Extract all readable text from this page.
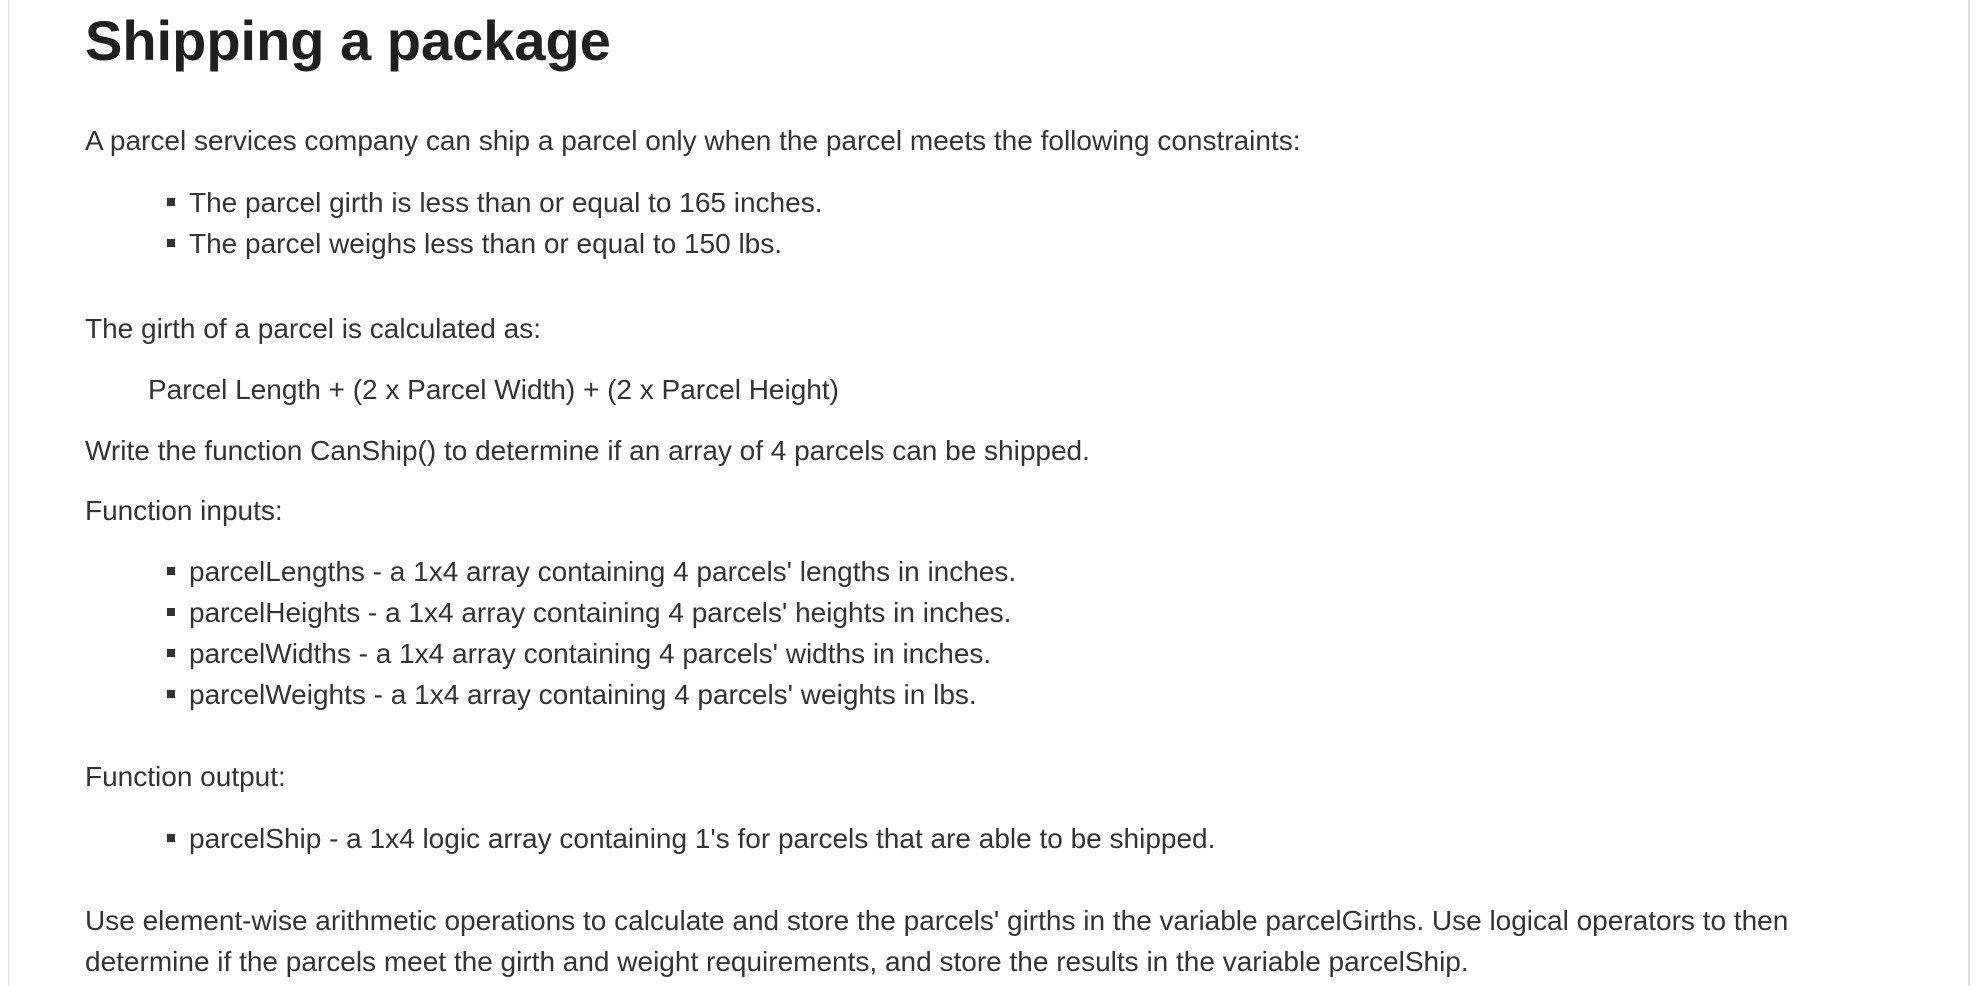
Shipping a package

A parcel services company can ship a parcel only when the parcel meets the following constraints:

The parcel girth is less than or equal to 165 inches.
The parcel weighs less than or equal to 150 lbs.

The girth of a parcel is calculated as:

Parcel Length + (2 x Parcel Width) + (2 x Parcel Height)

Write the function CanShip() to determine if an array of 4 parcels can be shipped.

Function inputs:

parcelLengths - a 1x4 array containing 4 parcels' lengths in inches.
parcelHeights - a 1x4 array containing 4 parcels' heights in inches.
parcelWidths - a 1x4 array containing 4 parcels' widths in inches.
parcelWeights - a 1x4 array containing 4 parcels' weights in lbs.

Function output:

parcelShip - a 1x4 logic array containing 1's for parcels that are able to be shipped.

Use element-wise arithmetic operations to calculate and store the parcels' girths in the variable parcelGirths. Use logical operators to then determine if the parcels meet the girth and weight requirements, and store the results in the variable parcelShip.
